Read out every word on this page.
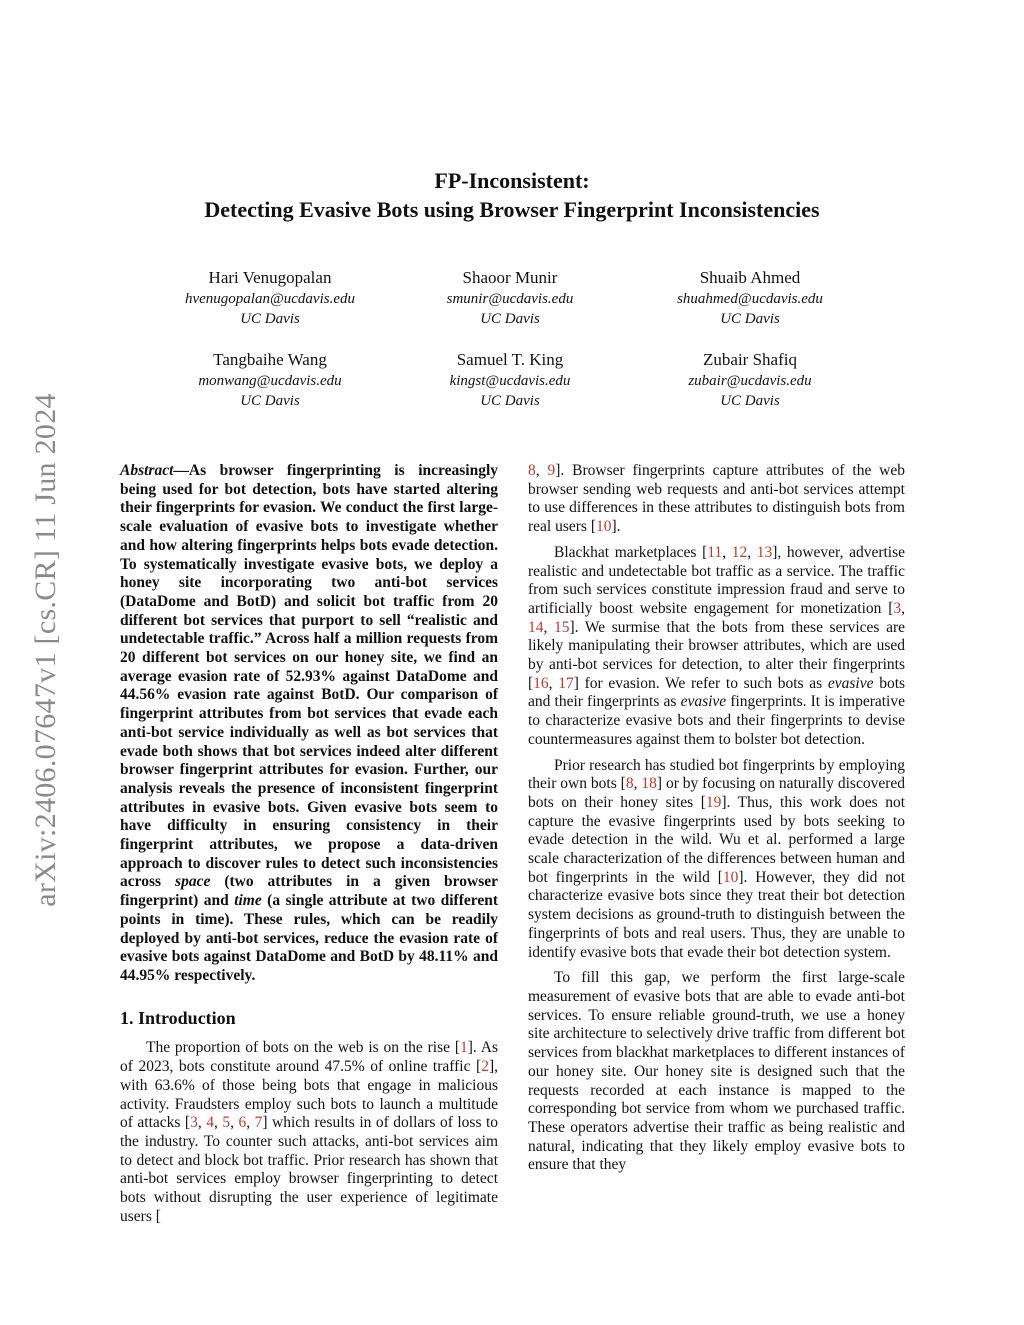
arXiv:2406.07647v1 [cs.CR] 11 Jun 2024
FP-Inconsistent:
Detecting Evasive Bots using Browser Fingerprint Inconsistencies
Hari Venugopalan
hvenugopalan@ucdavis.edu
UC Davis
Shaoor Munir
smunir@ucdavis.edu
UC Davis
Shuaib Ahmed
shuahmed@ucdavis.edu
UC Davis
Tangbaihe Wang
monwang@ucdavis.edu
UC Davis
Samuel T. King
kingst@ucdavis.edu
UC Davis
Zubair Shafiq
zubair@ucdavis.edu
UC Davis
Abstract—As browser fingerprinting is increasingly being used for bot detection, bots have started altering their fingerprints for evasion. We conduct the first large-scale evaluation of evasive bots to investigate whether and how altering fingerprints helps bots evade detection. To systematically investigate evasive bots, we deploy a honey site incorporating two anti-bot services (DataDome and BotD) and solicit bot traffic from 20 different bot services that purport to sell “realistic and undetectable traffic.” Across half a million requests from 20 different bot services on our honey site, we find an average evasion rate of 52.93% against DataDome and 44.56% evasion rate against BotD. Our comparison of fingerprint attributes from bot services that evade each anti-bot service individually as well as bot services that evade both shows that bot services indeed alter different browser fingerprint attributes for evasion. Further, our analysis reveals the presence of inconsistent fingerprint attributes in evasive bots. Given evasive bots seem to have difficulty in ensuring consistency in their fingerprint attributes, we propose a data-driven approach to discover rules to detect such inconsistencies across space (two attributes in a given browser fingerprint) and time (a single attribute at two different points in time). These rules, which can be readily deployed by anti-bot services, reduce the evasion rate of evasive bots against DataDome and BotD by 48.11% and 44.95% respectively.
1. Introduction

The proportion of bots on the web is on the rise [1]. As of 2023, bots constitute around 47.5% of online traffic [2], with 63.6% of those being bots that engage in malicious activity. Fraudsters employ such bots to launch a multitude of attacks [3, 4, 5, 6, 7] which results in of dollars of loss to the industry. To counter such attacks, anti-bot services aim to detect and block bot traffic. Prior research has shown that anti-bot services employ browser fingerprinting to detect bots without disrupting the user experience of legitimate users [

8, 9]. Browser fingerprints capture attributes of the web browser sending web requests and anti-bot services attempt to use differences in these attributes to distinguish bots from real users [10].

Blackhat marketplaces [11, 12, 13], however, advertise realistic and undetectable bot traffic as a service. The traffic from such services constitute impression fraud and serve to artificially boost website engagement for monetization [3, 14, 15]. We surmise that the bots from these services are likely manipulating their browser attributes, which are used by anti-bot services for detection, to alter their fingerprints [16, 17] for evasion. We refer to such bots as evasive bots and their fingerprints as evasive fingerprints. It is imperative to characterize evasive bots and their fingerprints to devise countermeasures against them to bolster bot detection.

Prior research has studied bot fingerprints by employing their own bots [8, 18] or by focusing on naturally discovered bots on their honey sites [19]. Thus, this work does not capture the evasive fingerprints used by bots seeking to evade detection in the wild. Wu et al. performed a large scale characterization of the differences between human and bot fingerprints in the wild [10]. However, they did not characterize evasive bots since they treat their bot detection system decisions as ground-truth to distinguish between the fingerprints of bots and real users. Thus, they are unable to identify evasive bots that evade their bot detection system.

To fill this gap, we perform the first large-scale measurement of evasive bots that are able to evade anti-bot services. To ensure reliable ground-truth, we use a honey site architecture to selectively drive traffic from different bot services from blackhat marketplaces to different instances of our honey site. Our honey site is designed such that the requests recorded at each instance is mapped to the corresponding bot service from whom we purchased traffic. These operators advertise their traffic as being realistic and natural, indicating that they likely employ evasive bots to ensure that they
